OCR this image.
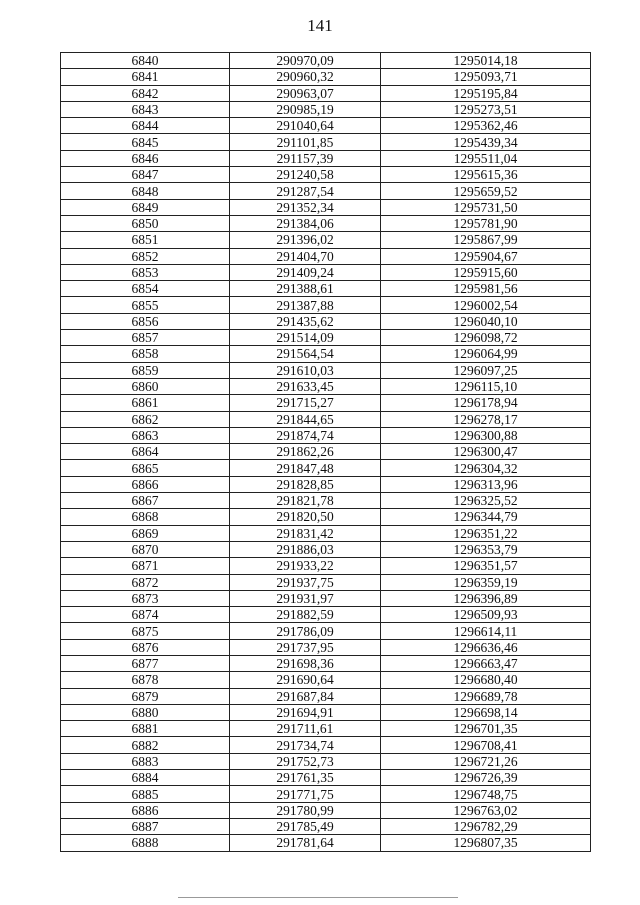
141
6840	290970,09	1295014,18
6841	290960,32	1295093,71
6842	290963,07	1295195,84
6843	290985,19	1295273,51
6844	291040,64	1295362,46
6845	291101,85	1295439,34
6846	291157,39	1295511,04
6847	291240,58	1295615,36
6848	291287,54	1295659,52
6849	291352,34	1295731,50
6850	291384,06	1295781,90
6851	291396,02	1295867,99
6852	291404,70	1295904,67
6853	291409,24	1295915,60
6854	291388,61	1295981,56
6855	291387,88	1296002,54
6856	291435,62	1296040,10
6857	291514,09	1296098,72
6858	291564,54	1296064,99
6859	291610,03	1296097,25
6860	291633,45	1296115,10
6861	291715,27	1296178,94
6862	291844,65	1296278,17
6863	291874,74	1296300,88
6864	291862,26	1296300,47
6865	291847,48	1296304,32
6866	291828,85	1296313,96
6867	291821,78	1296325,52
6868	291820,50	1296344,79
6869	291831,42	1296351,22
6870	291886,03	1296353,79
6871	291933,22	1296351,57
6872	291937,75	1296359,19
6873	291931,97	1296396,89
6874	291882,59	1296509,93
6875	291786,09	1296614,11
6876	291737,95	1296636,46
6877	291698,36	1296663,47
6878	291690,64	1296680,40
6879	291687,84	1296689,78
6880	291694,91	1296698,14
6881	291711,61	1296701,35
6882	291734,74	1296708,41
6883	291752,73	1296721,26
6884	291761,35	1296726,39
6885	291771,75	1296748,75
6886	291780,99	1296763,02
6887	291785,49	1296782,29
6888	291781,64	1296807,35
